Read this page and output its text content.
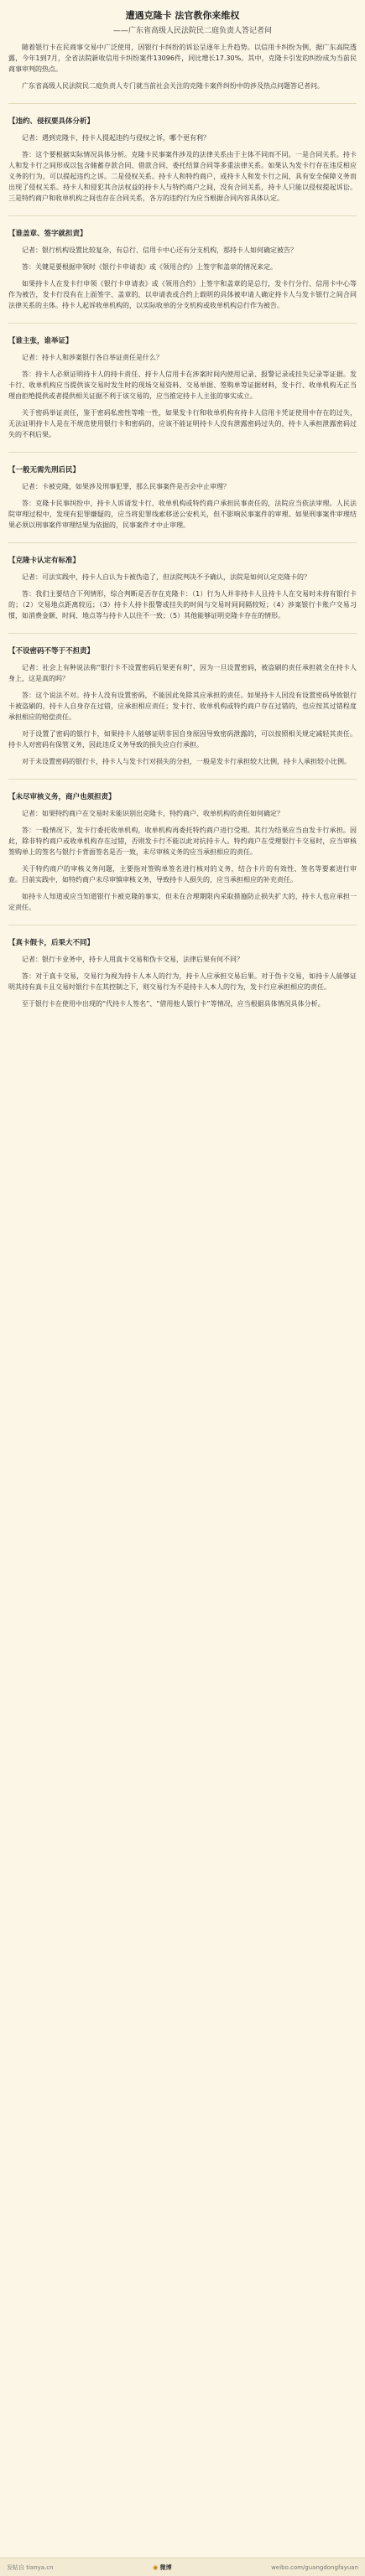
遭遇克隆卡 法官教你来维权
——广东省高级人民法院民二庭负责人答记者问

随着银行卡在民商事交易中广泛使用，因银行卡纠纷的诉讼呈逐年上升趋势。以信用卡纠纷为例，据广东高院透露，今年1到7月，全省法院新收信用卡纠纷案件13096件，同比增长17.30%。其中，克隆卡引发的纠纷成为当前民商事审判的热点。

广东省高级人民法院民二庭负责人专门就当前社会关注的克隆卡案件纠纷中的涉及热点问题答记者问。

【违约、侵权要具体分析】

记者：遇到克隆卡，持卡人提起违约与侵权之诉，哪个更有利？

答：这个要根据实际情况具体分析。克隆卡民事案件涉及的法律关系由于主体不同而不同。一是合同关系。持卡人和发卡行之间形成以包含储蓄存款合同、借款合同、委托结算合同等多重法律关系。如果认为发卡行存在违反相应义务的行为，可以提起违约之诉。二是侵权关系。持卡人和特约商户，或持卡人和发卡行之间，具有安全保障义务而出现了侵权关系。持卡人和侵犯其合法权益的持卡人与特约商户之间，没有合同关系，持卡人只能以侵权提起诉讼。三是特约商户和收单机构之间也存在合同关系，各方的违约行为应当根据合同内容具体认定。

【谁盖章、签字就担责】

记者：银行机构设置比较复杂，有总行、信用卡中心还有分支机构，那持卡人如何确定被告？

答：关键是要根据申领时《银行卡申请表》或《领用合约》上签字和盖章的情况来定。

如果持卡人在发卡行申领《银行卡申请表》或《领用合约》上签字和盖章的是总行，发卡行分行、信用卡中心等作为被告，发卡行没有在上面签字、盖章的，以申请表或合约上载明的具体被申请人确定持卡人与发卡银行之间合同法律关系的主体。持卡人起诉收单机构的，以实际收单的分支机构或收单机构总行作为被告。

【谁主张，谁举证】

记者：持卡人和涉案银行各自举证责任是什么？

答：持卡人必须证明持卡人的持卡责任、持卡人信用卡在涉案时间内使用记录、报警记录或挂失记录等证据。发卡行、收单机构应当提供该交易时发生时的现场交易资料、交易单据、签购单等证据材料，发卡行、收单机构无正当理由拒绝提供或者提供相关证据不利于该交易的，应当推定持卡人主张的事实成立。

关于密码举证责任，鉴于密码私密性等唯一性，如果发卡行和收单机构有持卡人信用卡凭证使用中存在的过失，无法证明持卡人是在不规范使用银行卡和密码的，应该不能证明持卡人没有泄露密码过失的，持卡人承担泄露密码过失的不利后果。

【一般无需先刑后民】

记者：卡被克隆，如果涉及刑事犯罪，那么民事案件是否会中止审理？

答：克隆卡民事纠纷中，持卡人诉请发卡行、收单机构或特约商户承担民事责任的，法院应当依法审理。人民法院审理过程中，发现有犯罪嫌疑的，应当将犯罪线索移送公安机关，但不影响民事案件的审理。如果刑事案件审理结果必须以刑事案件审理结果为依据的，民事案件才中止审理。

【克隆卡认定有标准】

记者：可法实践中，持卡人自认为卡被伪造了，但法院判决不予确认，法院是如何认定克隆卡的？

答：我们主要结合下列情形，综合判断是否存在克隆卡：（1）行为人并非持卡人且持卡人在交易时未持有银行卡的；（2）交易地点距离较远；（3）持卡人持卡报警或挂失的时间与交易时间间隔较短；（4）涉案银行卡账户交易习惯，如消费金额、时间、地点等与持卡人以往不一致；（5）其他能够证明克隆卡存在的情形。

【不设密码不等于不担责】

记者：社会上有种说法称“银行卡不设置密码后果更有利”，因为一旦设置密码，被盗刷的责任承担就全在持卡人身上，这是真的吗？

答：这个说法不对。持卡人没有设置密码，不能因此免除其应承担的责任。如果持卡人因没有设置密码导致银行卡被盗刷的，持卡人自身存在过错，应承担相应责任；发卡行、收单机构或特约商户存在过错的，也应按其过错程度承担相应的赔偿责任。

对于设置了密码的银行卡，如果持卡人能够证明非因自身原因导致密码泄露的，可以按照相关规定减轻其责任。持卡人对密码有保管义务，因此违反义务导致的损失应自行承担。

对于未设置密码的银行卡，持卡人与发卡行对损失的分担，一般是发卡行承担较大比例，持卡人承担较小比例。

【未尽审核义务，商户也须担责】

记者：如果特约商户在交易时未能识别出克隆卡，特约商户、收单机构的责任如何确定？

答：一般情况下，发卡行委托收单机构，收单机构再委托特约商户进行受理。其行为结果应当由发卡行承担。因此，除非特约商户或收单机构存在过错，否则发卡行不能以此对抗持卡人。特约商户在受理银行卡交易时，应当审核签购单上的签名与银行卡背面签名是否一致，未尽审核义务的应当承担相应的责任。

关于特约商户的审核义务问题，主要指对签购单签名进行核对的义务，结合卡片的有效性、签名等要素进行审查。目前实践中，如特约商户未尽审慎审核义务，导致持卡人损失的，应当承担相应的补充责任。

如持卡人知道或应当知道银行卡被克隆的事实，但未在合理期限内采取措施防止损失扩大的，持卡人也应承担一定责任。

【真卡假卡，后果大不同】

记者：银行卡业务中，持卡人用真卡交易和伪卡交易，法律后果有何不同？

答：对于真卡交易，交易行为视为持卡人本人的行为，持卡人应承担交易后果。对于伪卡交易，如持卡人能够证明其持有真卡且交易时银行卡在其控制之下，则交易行为不是持卡人本人的行为，发卡行应承担相应的责任。

至于银行卡在使用中出现的“代持卡人签名”、“借用他人银行卡”等情况，应当根据具体情况具体分析。

发帖自 tianya.cn	◉ 微博	weibo.com/guangdongfayuan
